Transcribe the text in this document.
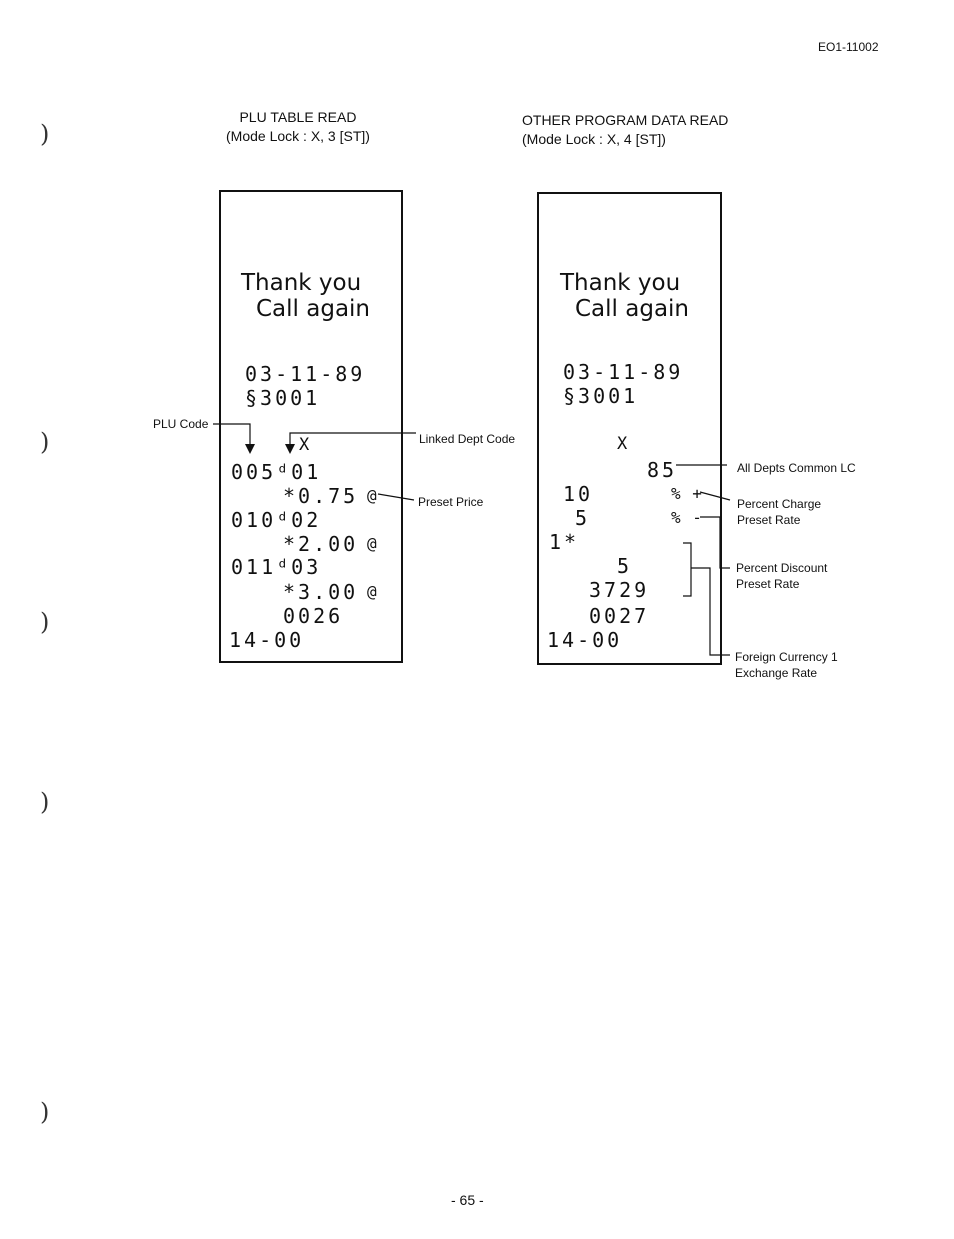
EO1-11002
)
)
)
)
)
PLU TABLE READ
(Mode Lock : X, 3 [ST])
OTHER PROGRAM DATA READ
(Mode Lock : X, 4 [ST])
Thank you
Call again
03-11-89
§3001
X
005ᵈ01
*0.75 @
010ᵈ02
*2.00 @
011ᵈ03
*3.00 @
0026
14-00
Thank you
Call again
03-11-89
§3001
X
85
10	% +
5	% -
1*
5
3729
0027
14-00
PLU Code
Linked Dept Code
Preset Price
All Depts Common LC
Percent Charge
Preset Rate
Percent Discount
Preset Rate
Foreign Currency 1
Exchange Rate
- 65 -
